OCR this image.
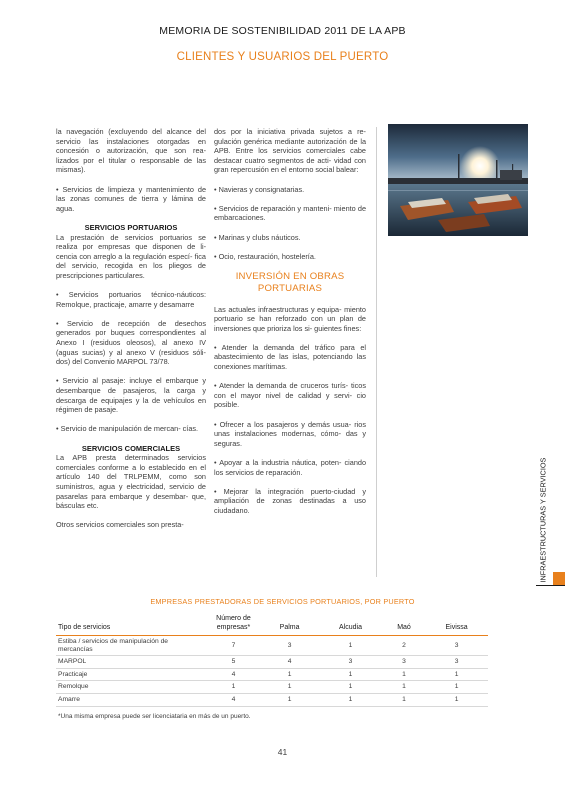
MEMORIA DE SOSTENIBILIDAD 2011 DE LA APB
CLIENTES Y USUARIOS DEL PUERTO

la navegación (excluyendo del alcance del servicio las instalaciones otorgadas en concesión o autorización, que son rea- lizados por el titular o responsable de las mismas).

• Servicios de limpieza y mantenimiento de las zonas comunes de tierra y lámina de agua.

SERVICIOS PORTUARIOS

La prestación de servicios portuarios se realiza por empresas que disponen de li- cencia con arreglo a la regulación especí- fica del servicio, recogida en los pliegos de prescripciones particulares.

• Servicios portuarios técnico-náuticos: Remolque, practicaje, amarre y desamarre

• Servicio de recepción de desechos generados por buques correspondientes al Anexo I (residuos oleosos), al anexo IV (aguas sucias) y al anexo V (residuos sóli- dos) del Convenio MARPOL 73/78.

• Servicio al pasaje: incluye el embarque y desembarque de pasajeros, la carga y descarga de equipajes y la de vehículos en régimen de pasaje.

• Servicio de manipulación de mercan- cías.

SERVICIOS COMERCIALES

La APB presta determinados servicios comerciales conforme a lo establecido en el artículo 140 del TRLPEMM, como son suministros, agua y electricidad, servicio de pasarelas para embarque y desembar- que, básculas etc.

Otros servicios comerciales son presta-

dos por la iniciativa privada sujetos a re- gulación genérica mediante autorización de la APB. Entre los servicios comerciales cabe destacar cuatro segmentos de acti- vidad con gran repercusión en el entorno social balear:

• Navieras y consignatarias.

• Servicios de reparación y manteni- miento de embarcaciones.

• Marinas y clubs náuticos.

• Ocio, restauración, hostelería.

INVERSIÓN EN OBRAS PORTUARIAS

Las actuales infraestructuras y equipa- miento portuario se han reforzado con un plan de inversiones que prioriza los si- guientes fines:

• Atender la demanda del tráfico para el abastecimiento de las islas, potenciando las conexiones marítimas.

• Atender la demanda de cruceros turís- ticos con el mayor nivel de calidad y servi- cio posible.

• Ofrecer a los pasajeros y demás usua- rios unas instalaciones modernas, cómo- das y seguras.

• Apoyar a la industria náutica, poten- ciando los servicios de reparación.

• Mejorar la integración puerto-ciudad y ampliación de zonas destinadas a uso ciudadano.	INFRAESTRUCTURAS Y SERVICIOS
EMPRESAS PRESTADORAS DE SERVICIOS PORTUARIOS, POR PUERTO
Tipo de servicios	Número de empresas*	Palma	Alcudia	Maó	Eivissa
Estiba / servicios de manipulación de mercancías	7	3	1	2	3
MARPOL	5	4	3	3	3
Practicaje	4	1	1	1	1
Remolque	1	1	1	1	1
Amarre	4	1	1	1	1
*Una misma empresa puede ser licenciataria en más de un puerto.
41
